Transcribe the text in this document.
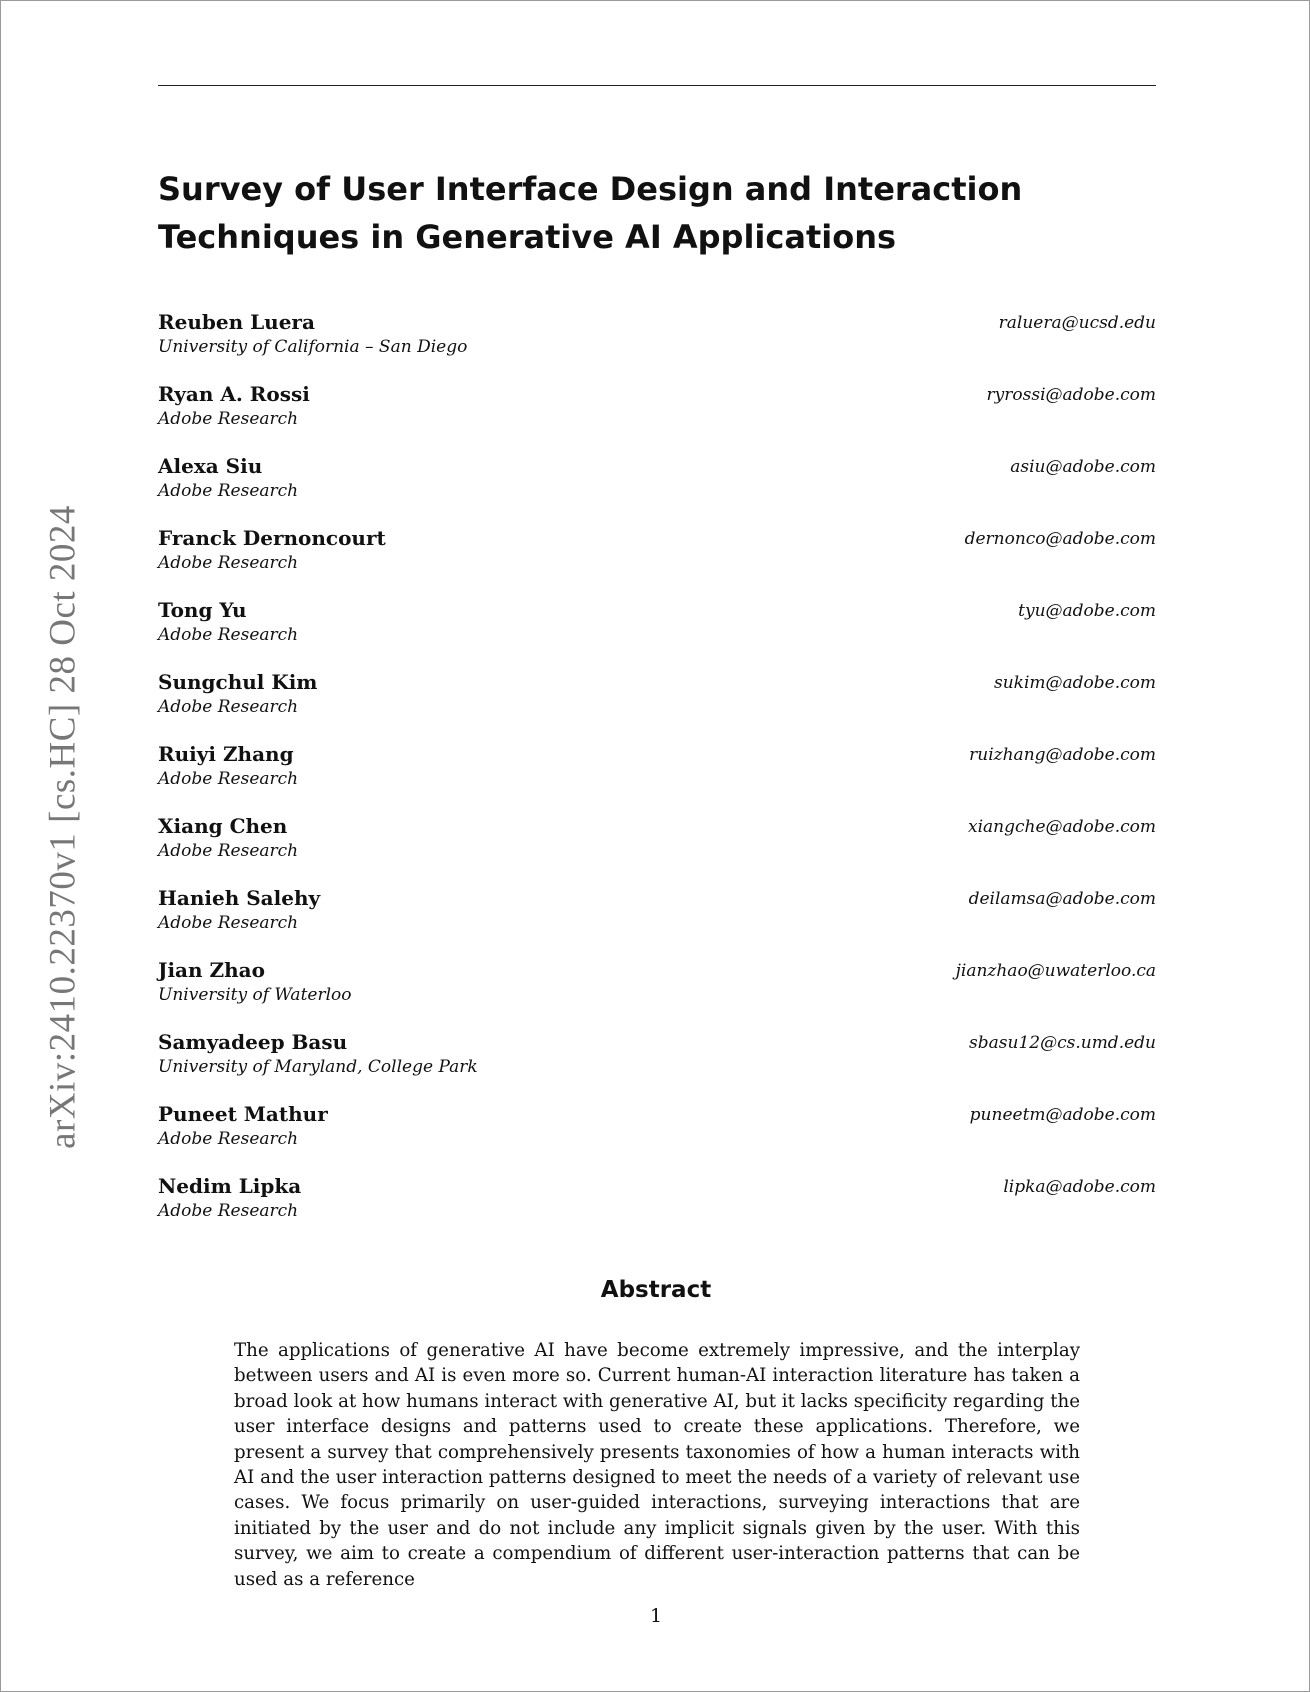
arXiv:2410.22370v1 [cs.HC] 28 Oct 2024
Survey of User Interface Design and Interaction Techniques in Generative AI Applications
Reuben Luera
University of California – San Diego
raluera@ucsd.edu
Ryan A. Rossi
Adobe Research
ryrossi@adobe.com
Alexa Siu
Adobe Research
asiu@adobe.com
Franck Dernoncourt
Adobe Research
dernonco@adobe.com
Tong Yu
Adobe Research
tyu@adobe.com
Sungchul Kim
Adobe Research
sukim@adobe.com
Ruiyi Zhang
Adobe Research
ruizhang@adobe.com
Xiang Chen
Adobe Research
xiangche@adobe.com
Hanieh Salehy
Adobe Research
deilamsa@adobe.com
Jian Zhao
University of Waterloo
jianzhao@uwaterloo.ca
Samyadeep Basu
University of Maryland, College Park
sbasu12@cs.umd.edu
Puneet Mathur
Adobe Research
puneetm@adobe.com
Nedim Lipka
Adobe Research
lipka@adobe.com
Abstract

The applications of generative AI have become extremely impressive, and the interplay between users and AI is even more so. Current human-AI interaction literature has taken a broad look at how humans interact with generative AI, but it lacks specificity regarding the user interface designs and patterns used to create these applications. Therefore, we present a survey that comprehensively presents taxonomies of how a human interacts with AI and the user interaction patterns designed to meet the needs of a variety of relevant use cases. We focus primarily on user-guided interactions, surveying interactions that are initiated by the user and do not include any implicit signals given by the user. With this survey, we aim to create a compendium of different user-interaction patterns that can be used as a reference

1
